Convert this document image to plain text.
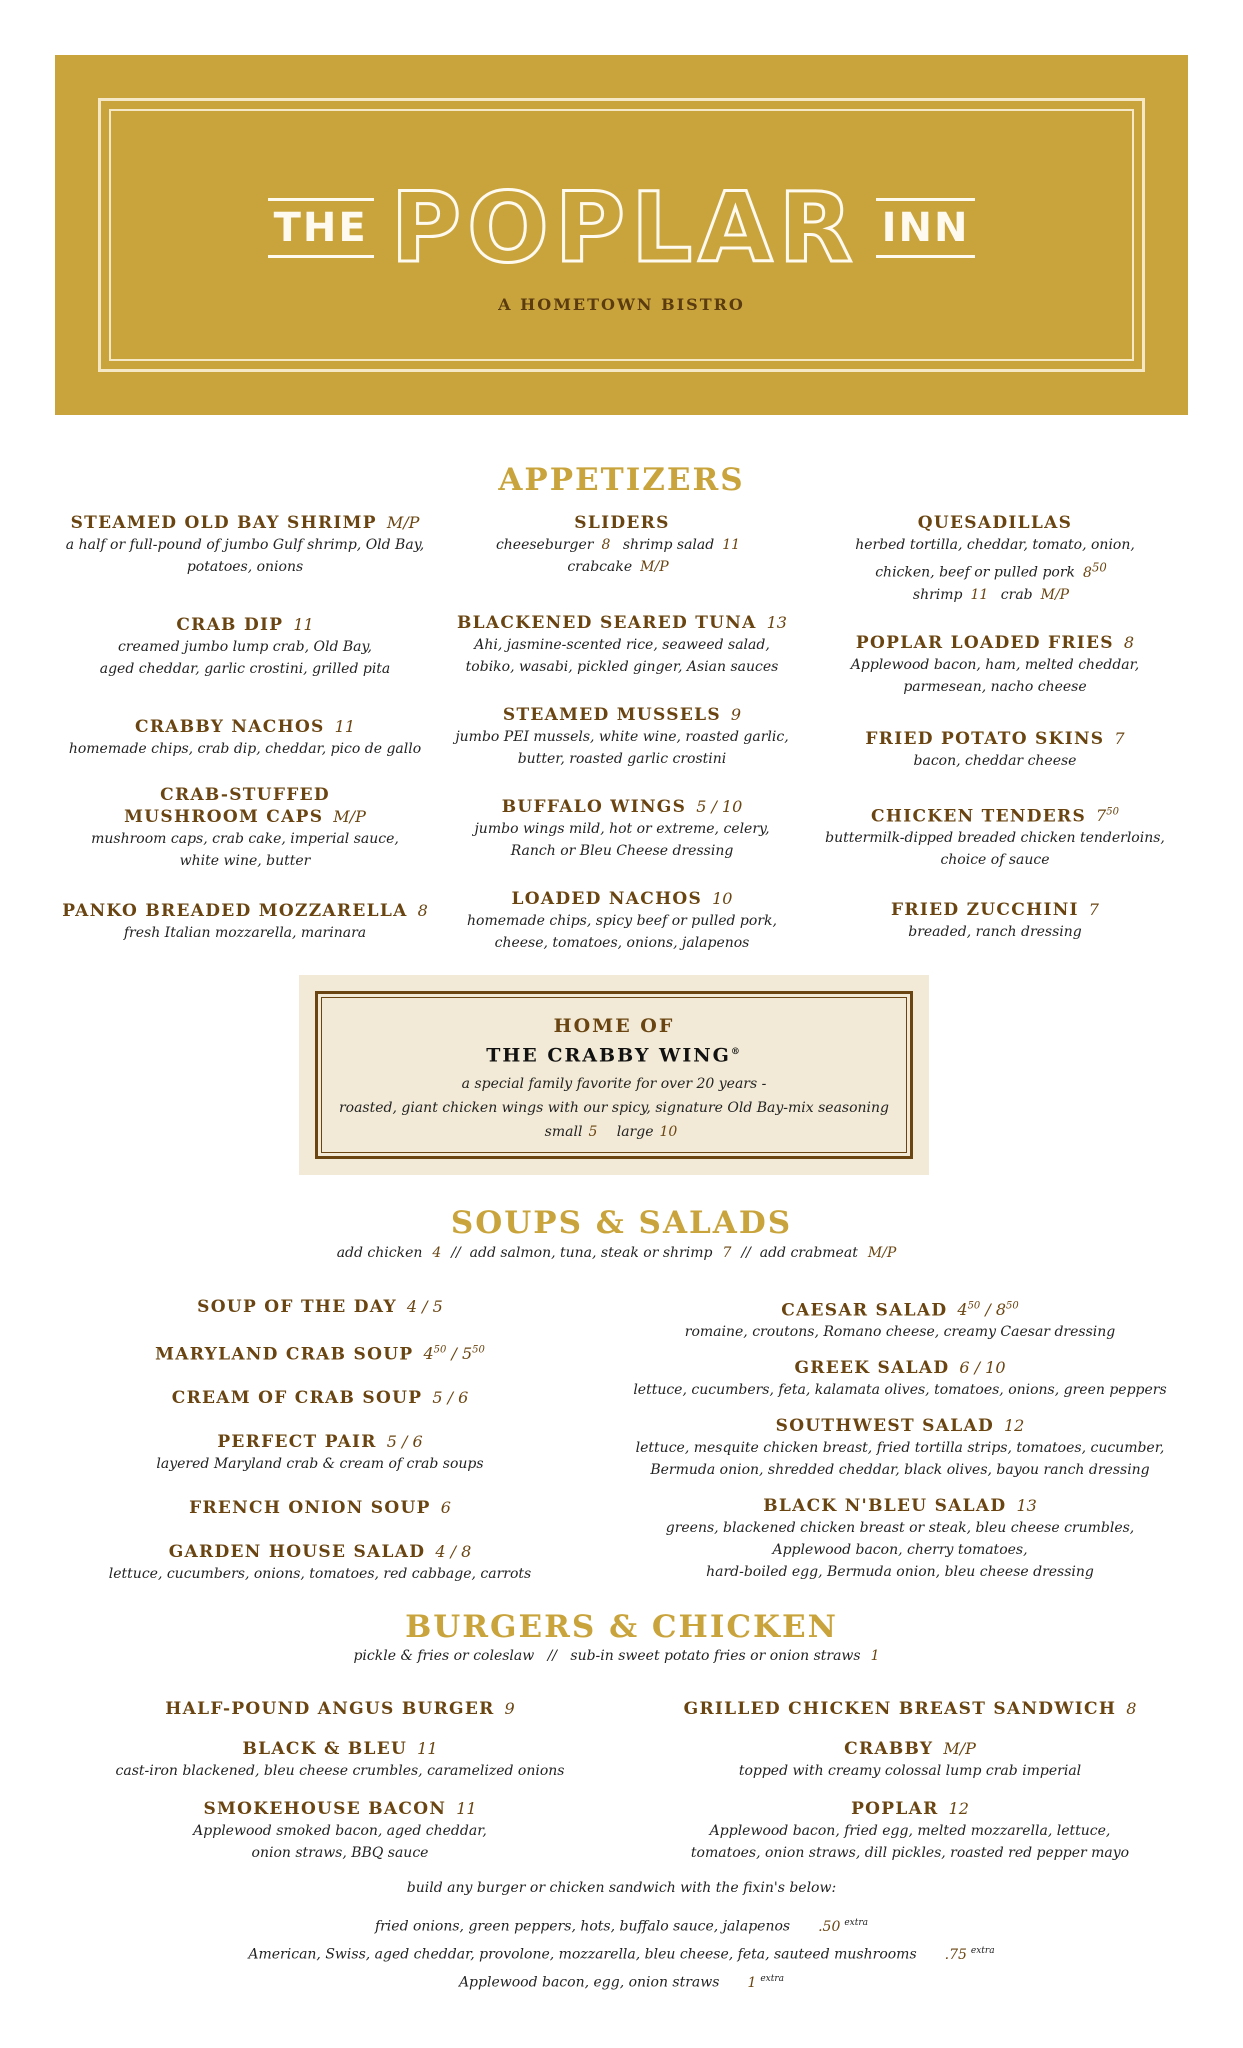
THE POPLAR INN
A HOMETOWN BISTRO
APPETIZERS
STEAMED OLD BAY SHRIMP M/P
a half or full-pound of jumbo Gulf shrimp, Old Bay,
potatoes, onions
CRAB DIP 11
creamed jumbo lump crab, Old Bay,
aged cheddar, garlic crostini, grilled pita
CRABBY NACHOS 11
homemade chips, crab dip, cheddar, pico de gallo
CRAB-STUFFED
MUSHROOM CAPS M/P
mushroom caps, crab cake, imperial sauce,
white wine, butter
PANKO BREADED MOZZARELLA 8
fresh Italian mozzarella, marinara
SLIDERS
cheeseburger 8 shrimp salad 11
crabcake M/P
BLACKENED SEARED TUNA 13
Ahi, jasmine-scented rice, seaweed salad,
tobiko, wasabi, pickled ginger, Asian sauces
STEAMED MUSSELS 9
jumbo PEI mussels, white wine, roasted garlic,
butter, roasted garlic crostini
BUFFALO WINGS 5 / 10
jumbo wings mild, hot or extreme, celery,
Ranch or Bleu Cheese dressing
LOADED NACHOS 10
homemade chips, spicy beef or pulled pork,
cheese, tomatoes, onions, jalapenos
QUESADILLAS
herbed tortilla, cheddar, tomato, onion,
chicken, beef or pulled pork $8^{50}$
shrimp 11 crab M/P
POPLAR LOADED FRIES 8
Applewood bacon, ham, melted cheddar,
parmesean, nacho cheese
FRIED POTATO SKINS 7
bacon, cheddar cheese
CHICKEN TENDERS $7^{50}$
buttermilk-dipped breaded chicken tenderloins,
choice of sauce
FRIED ZUCCHINI 7
breaded, ranch dressing
HOME OF
THE CRABBY WING®
a special family favorite for over 20 years -
roasted, giant chicken wings with our spicy, signature Old Bay-mix seasoning
small 5 large 10
SOUPS & SALADS
add chicken 4 // add salmon, tuna, steak or shrimp 7 // add crabmeat M/P
SOUP OF THE DAY 4 / 5
MARYLAND CRAB SOUP $4^{50} / 5^{50}$
CREAM OF CRAB SOUP 5 / 6
PERFECT PAIR 5 / 6
layered Maryland crab & cream of crab soups
FRENCH ONION SOUP 6
GARDEN HOUSE SALAD 4 / 8
lettuce, cucumbers, onions, tomatoes, red cabbage, carrots
CAESAR SALAD $4^{50} / 8^{50}$
romaine, croutons, Romano cheese, creamy Caesar dressing
GREEK SALAD 6 / 10
lettuce, cucumbers, feta, kalamata olives, tomatoes, onions, green peppers
SOUTHWEST SALAD 12
lettuce, mesquite chicken breast, fried tortilla strips, tomatoes, cucumber,
Bermuda onion, shredded cheddar, black olives, bayou ranch dressing
BLACK N'BLEU SALAD 13
greens, blackened chicken breast or steak, bleu cheese crumbles,
Applewood bacon, cherry tomatoes,
hard-boiled egg, Bermuda onion, bleu cheese dressing
BURGERS & CHICKEN
pickle & fries or coleslaw // sub-in sweet potato fries or onion straws 1
HALF-POUND ANGUS BURGER 9
BLACK & BLEU 11
cast-iron blackened, bleu cheese crumbles, caramelized onions
SMOKEHOUSE BACON 11
Applewood smoked bacon, aged cheddar,
onion straws, BBQ sauce
GRILLED CHICKEN BREAST SANDWICH 8
CRABBY M/P
topped with creamy colossal lump crab imperial
POPLAR 12
Applewood bacon, fried egg, melted mozzarella, lettuce,
tomatoes, onion straws, dill pickles, roasted red pepper mayo
build any burger or chicken sandwich with the fixin's below:
fried onions, green peppers, hots, buffalo sauce, jalapenos .50 $^{extra}$
American, Swiss, aged cheddar, provolone, mozzarella, bleu cheese, feta, sauteed mushrooms .75 $^{extra}$
Applewood bacon, egg, onion straws 1 $^{extra}$
